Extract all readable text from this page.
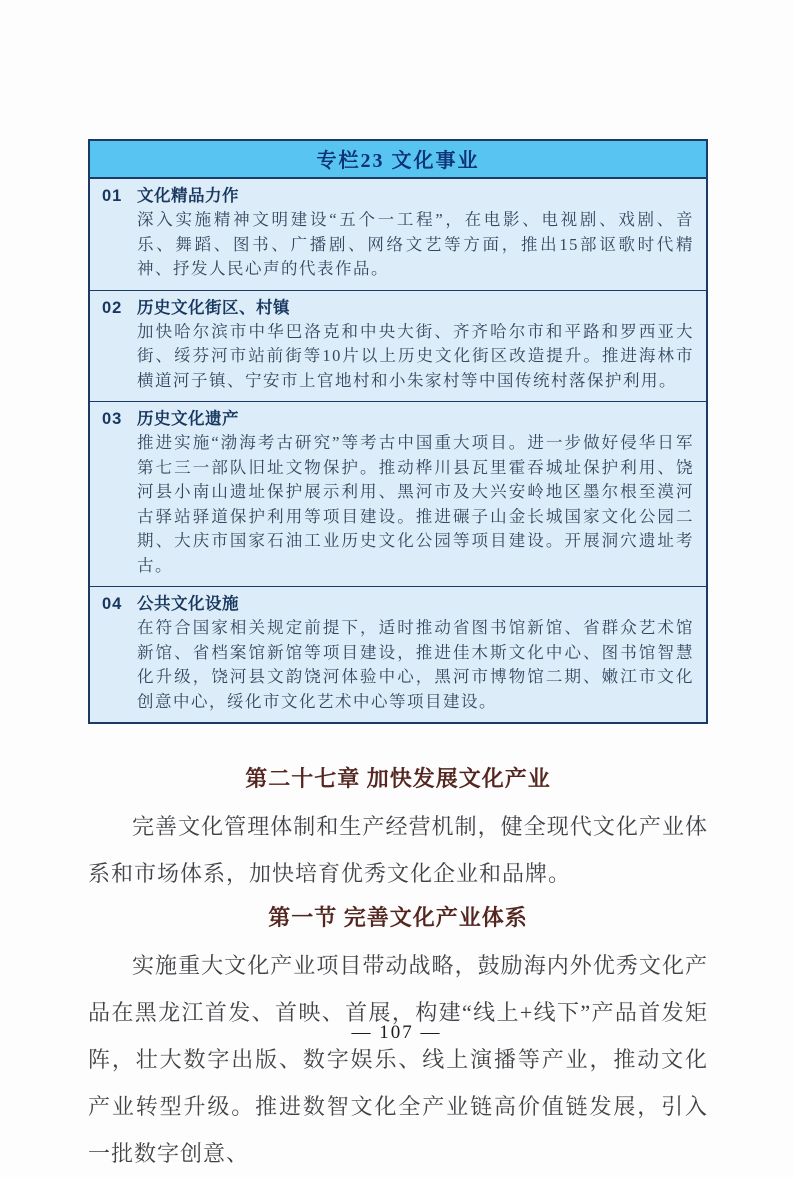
专栏23 文化事业
01 文化精品力作
深入实施精神文明建设“五个一工程”，在电影、电视剧、戏剧、音乐、舞蹈、图书、广播剧、网络文艺等方面，推出15部讴歌时代精神、抒发人民心声的代表作品。
02 历史文化街区、村镇
加快哈尔滨市中华巴洛克和中央大街、齐齐哈尔市和平路和罗西亚大街、绥芬河市站前街等10片以上历史文化街区改造提升。推进海林市横道河子镇、宁安市上官地村和小朱家村等中国传统村落保护利用。
03 历史文化遗产
推进实施“渤海考古研究”等考古中国重大项目。进一步做好侵华日军第七三一部队旧址文物保护。推动桦川县瓦里霍吞城址保护利用、饶河县小南山遗址保护展示利用、黑河市及大兴安岭地区墨尔根至漠河古驿站驿道保护利用等项目建设。推进碾子山金长城国家文化公园二期、大庆市国家石油工业历史文化公园等项目建设。开展洞穴遗址考古。
04 公共文化设施
在符合国家相关规定前提下，适时推动省图书馆新馆、省群众艺术馆新馆、省档案馆新馆等项目建设，推进佳木斯文化中心、图书馆智慧化升级，饶河县文韵饶河体验中心，黑河市博物馆二期、嫩江市文化创意中心，绥化市文化艺术中心等项目建设。
第二十七章 加快发展文化产业
完善文化管理体制和生产经营机制，健全现代文化产业体系和市场体系，加快培育优秀文化企业和品牌。
第一节 完善文化产业体系
实施重大文化产业项目带动战略，鼓励海内外优秀文化产品在黑龙江首发、首映、首展，构建“线上+线下”产品首发矩阵，壮大数字出版、数字娱乐、线上演播等产业，推动文化产业转型升级。推进数智文化全产业链高价值链发展，引入一批数字创意、
— 107 —
